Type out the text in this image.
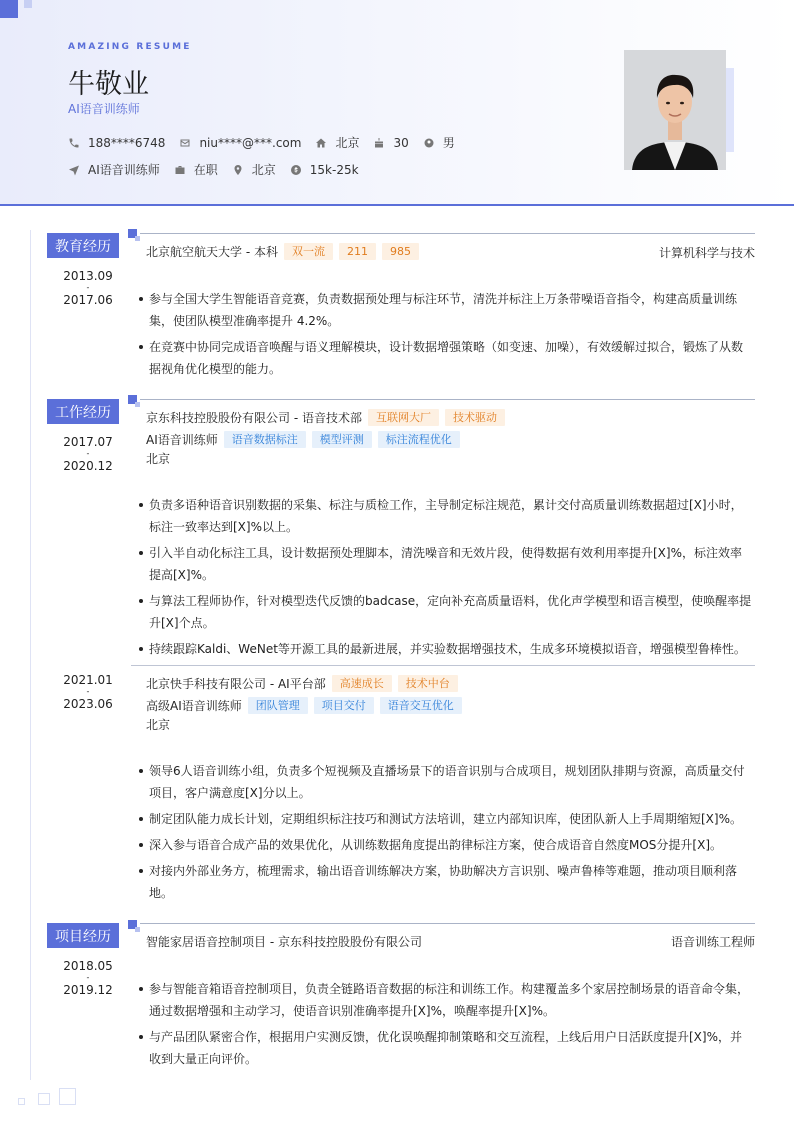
AMAZING RESUME
牛敬业
AI语音训练师
188****6748	niu****@***.com	北京	30	男
AI语音训练师	在职	北京	15k-25k
教育经历
2013.09
-
2017.06
北京航空航天大学 - 本科	双一流	211	985	计算机科学与技术
参与全国大学生智能语音竞赛，负责数据预处理与标注环节，清洗并标注上万条带噪语音指令，构建高质量训练集，使团队模型准确率提升 4.2%。
在竞赛中协同完成语音唤醒与语义理解模块，设计数据增强策略（如变速、加噪），有效缓解过拟合，锻炼了从数据视角优化模型的能力。
工作经历
2017.07
-
2020.12
京东科技控股股份有限公司 - 语音技术部	互联网大厂	技术驱动
AI语音训练师	语音数据标注	模型评测	标注流程优化
北京
负责多语种语音识别数据的采集、标注与质检工作，主导制定标注规范，累计交付高质量训练数据超过[X]小时，标注一致率达到[X]%以上。
引入半自动化标注工具，设计数据预处理脚本，清洗噪音和无效片段，使得数据有效利用率提升[X]%，标注效率提高[X]%。
与算法工程师协作，针对模型迭代反馈的badcase，定向补充高质量语料，优化声学模型和语言模型，使唤醒率提升[X]个点。
持续跟踪Kaldi、WeNet等开源工具的最新进展，并实验数据增强技术，生成多环境模拟语音，增强模型鲁棒性。
2021.01
-
2023.06
北京快手科技有限公司 - AI平台部	高速成长	技术中台
高级AI语音训练师	团队管理	项目交付	语音交互优化
北京
领导6人语音训练小组，负责多个短视频及直播场景下的语音识别与合成项目，规划团队排期与资源，高质量交付项目，客户满意度[X]分以上。
制定团队能力成长计划，定期组织标注技巧和测试方法培训，建立内部知识库，使团队新人上手周期缩短[X]%。
深入参与语音合成产品的效果优化，从训练数据角度提出韵律标注方案，使合成语音自然度MOS分提升[X]。
对接内外部业务方，梳理需求，输出语音训练解决方案，协助解决方言识别、噪声鲁棒等难题，推动项目顺利落地。
项目经历
2018.05
-
2019.12
智能家居语音控制项目 - 京东科技控股股份有限公司	语音训练工程师
参与智能音箱语音控制项目，负责全链路语音数据的标注和训练工作。构建覆盖多个家居控制场景的语音命令集，通过数据增强和主动学习，使语音识别准确率提升[X]%，唤醒率提升[X]%。
与产品团队紧密合作，根据用户实测反馈，优化误唤醒抑制策略和交互流程，上线后用户日活跃度提升[X]%，并收到大量正向评价。
